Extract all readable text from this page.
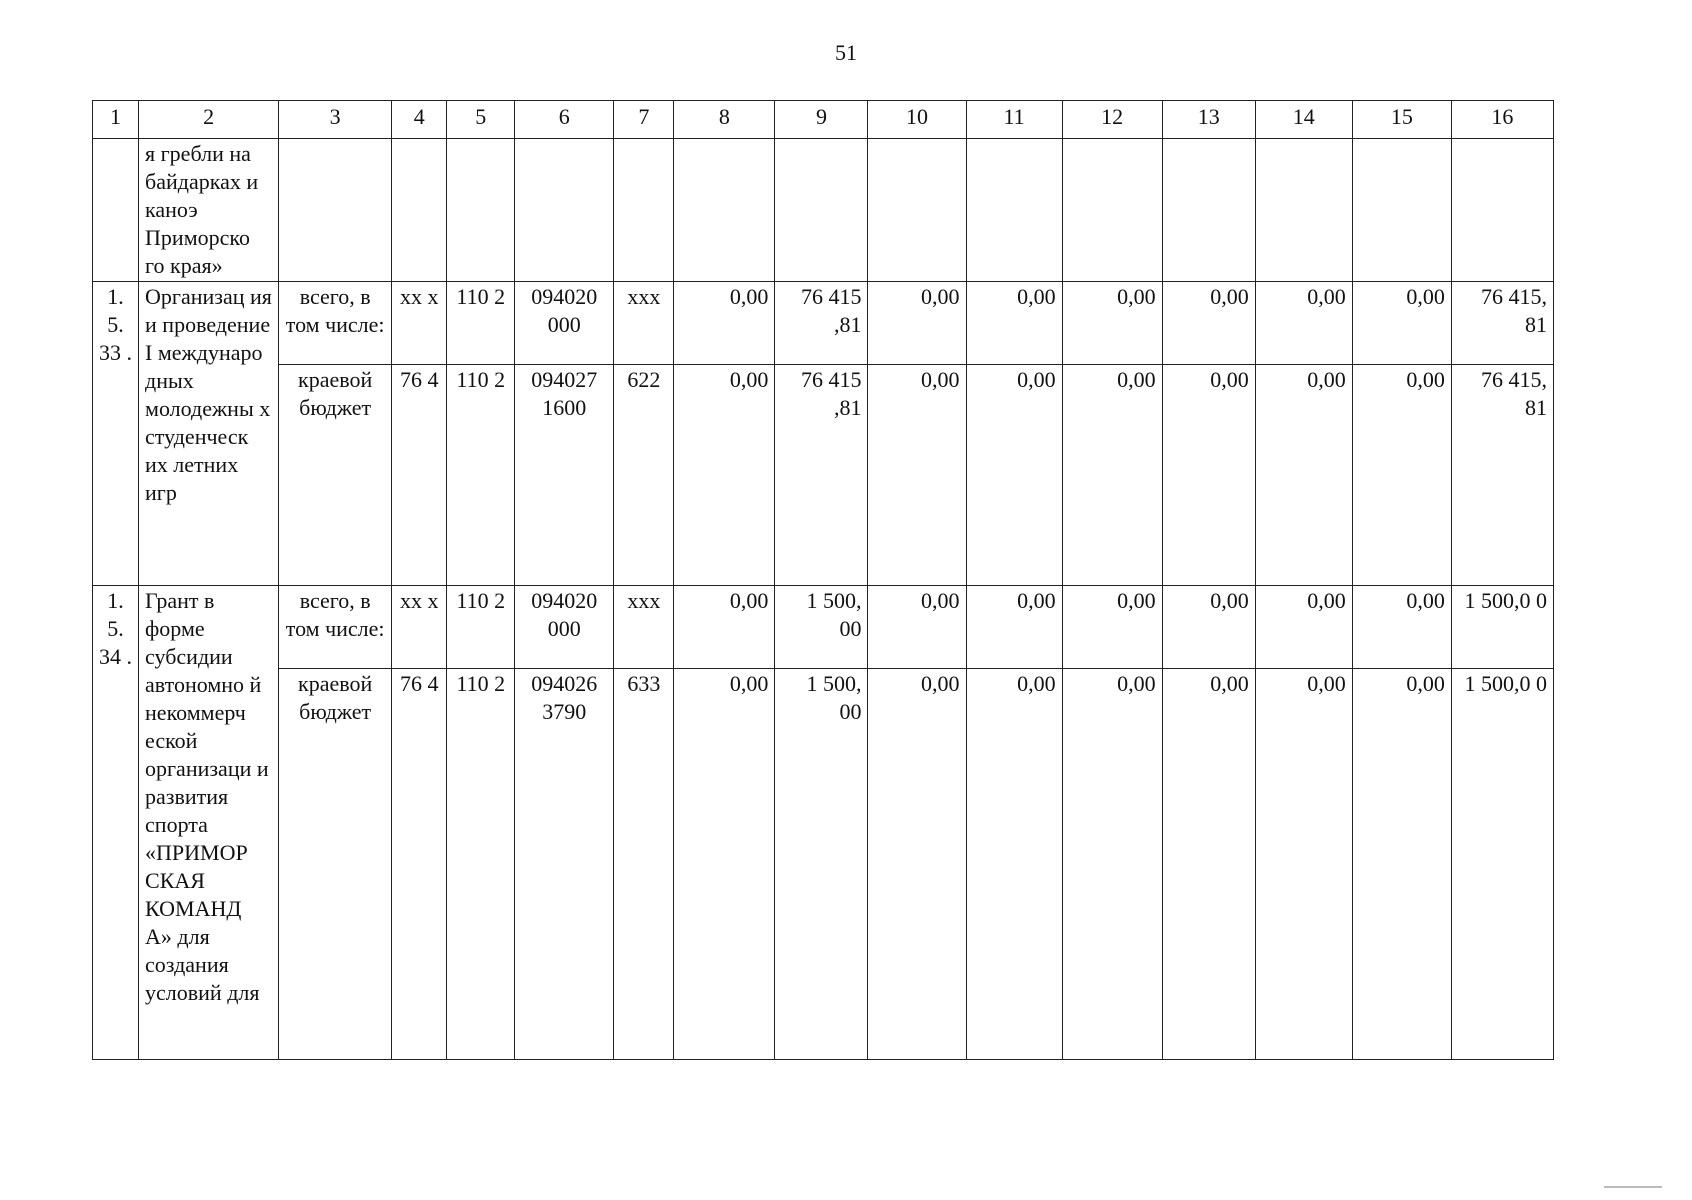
51
1	2	3	4	5	6	7	8	9	10	11	12	13	14	15	16
	я гребли на байдарках и каноэ Приморско го края»														
1. 5. 33 .	Организац ия и проведение I междунаро дных молодежны х студенческ их летних игр	всего, в том числе:	хх х	110 2	094020 000	ххх	0,00	76 415 ,81	0,00	0,00	0,00	0,00	0,00	0,00	76 415, 81
		краевой бюджет	76 4	110 2	094027 1600	622	0,00	76 415 ,81	0,00	0,00	0,00	0,00	0,00	0,00	76 415, 81
1. 5. 34 .	Грант в форме субсидии автономно й некоммерч еской организаци и развития спорта «ПРИМОР СКАЯ КОМАНД А» для создания условий для	всего, в том числе:	хх х	110 2	094020 000	ххх	0,00	1 500, 00	0,00	0,00	0,00	0,00	0,00	0,00	1 500,0 0
		краевой бюджет	76 4	110 2	094026 3790	633	0,00	1 500, 00	0,00	0,00	0,00	0,00	0,00	0,00	1 500,0 0
